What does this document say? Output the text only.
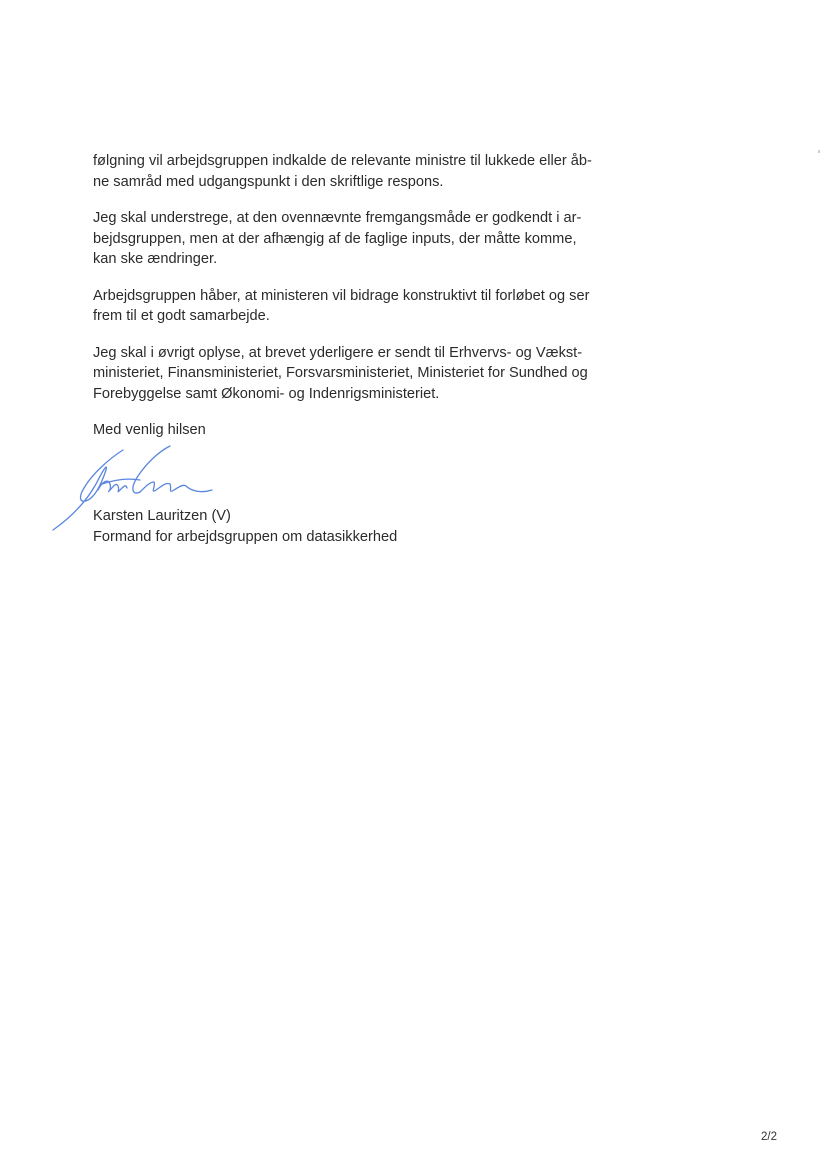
følgning vil arbejdsgruppen indkalde de relevante ministre til lukkede eller åb-
ne samråd med udgangspunkt i den skriftlige respons.

Jeg skal understrege, at den ovennævnte fremgangsmåde er godkendt i ar-
bejdsgruppen, men at der afhængig af de faglige inputs, der måtte komme,
kan ske ændringer.

Arbejdsgruppen håber, at ministeren vil bidrage konstruktivt til forløbet og ser
frem til et godt samarbejde.

Jeg skal i øvrigt oplyse, at brevet yderligere er sendt til Erhvervs- og Vækst-
ministeriet, Finansministeriet, Forsvarsministeriet, Ministeriet for Sundhed og
Forebyggelse samt Økonomi- og Indenrigsministeriet.

Med venlig hilsen

Karsten Lauritzen (V)
Formand for arbejdsgruppen om datasikkerhed
2/2
